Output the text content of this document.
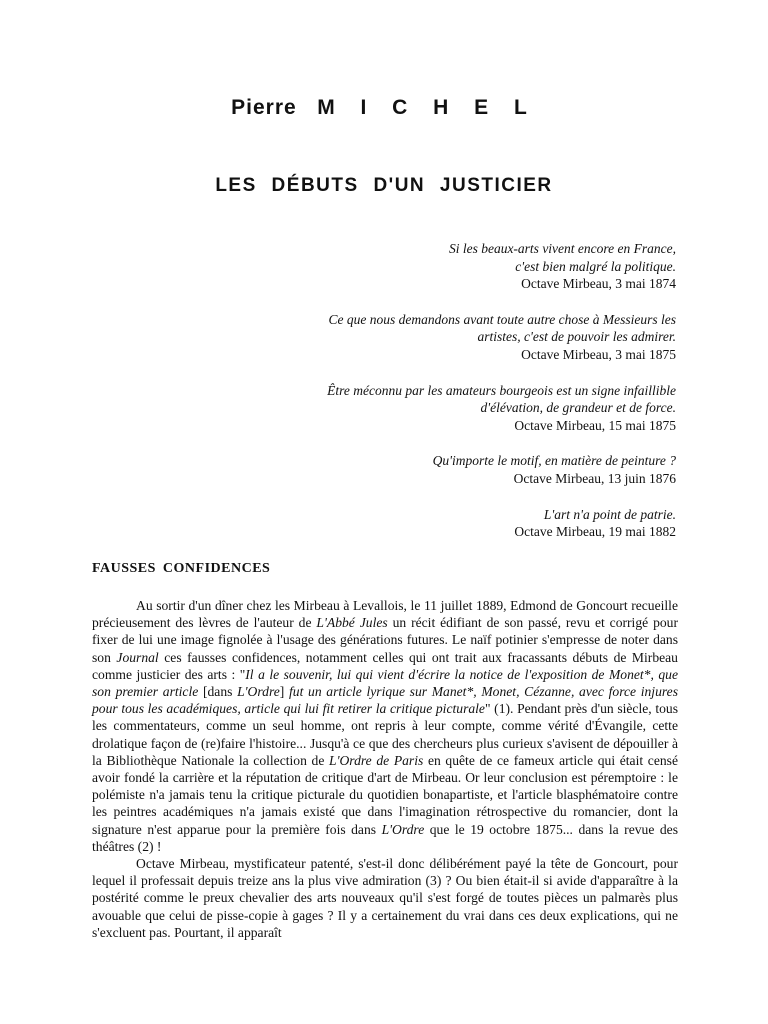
Pierre M I C H E L
LES DÉBUTS D'UN JUSTICIER
Si les beaux-arts vivent encore en France,
c'est bien malgré la politique.
Octave Mirbeau, 3 mai 1874
Ce que nous demandons avant toute autre chose à Messieurs les
artistes, c'est de pouvoir les admirer.
Octave Mirbeau, 3 mai 1875
Être méconnu par les amateurs bourgeois est un signe infaillible
d'élévation, de grandeur et de force.
Octave Mirbeau, 15 mai 1875
Qu'importe le motif, en matière de peinture ?
Octave Mirbeau, 13 juin 1876
L'art n'a point de patrie.
Octave Mirbeau, 19 mai 1882
FAUSSES CONFIDENCES

Au sortir d'un dîner chez les Mirbeau à Levallois, le 11 juillet 1889, Edmond de Goncourt recueille précieusement des lèvres de l'auteur de L'Abbé Jules un récit édifiant de son passé, revu et corrigé pour fixer de lui une image fignolée à l'usage des générations futures. Le naïf potinier s'empresse de noter dans son Journal ces fausses confidences, notamment celles qui ont trait aux fracassants débuts de Mirbeau comme justicier des arts : "Il a le souvenir, lui qui vient d'écrire la notice de l'exposition de Monet*, que son premier article [dans L'Ordre] fut un article lyrique sur Manet*, Monet, Cézanne, avec force injures pour tous les académiques, article qui lui fit retirer la critique picturale" (1). Pendant près d'un siècle, tous les commentateurs, comme un seul homme, ont repris à leur compte, comme vérité d'Évangile, cette drolatique façon de (re)faire l'histoire... Jusqu'à ce que des chercheurs plus curieux s'avisent de dépouiller à la Bibliothèque Nationale la collection de L'Ordre de Paris en quête de ce fameux article qui était censé avoir fondé la carrière et la réputation de critique d'art de Mirbeau. Or leur conclusion est péremptoire : le polémiste n'a jamais tenu la critique picturale du quotidien bonapartiste, et l'article blasphématoire contre les peintres académiques n'a jamais existé que dans l'imagination rétrospective du romancier, dont la signature n'est apparue pour la première fois dans L'Ordre que le 19 octobre 1875... dans la revue des théâtres (2) !

Octave Mirbeau, mystificateur patenté, s'est-il donc délibérément payé la tête de Goncourt, pour lequel il professait depuis treize ans la plus vive admiration (3) ? Ou bien était-il si avide d'apparaître à la postérité comme le preux chevalier des arts nouveaux qu'il s'est forgé de toutes pièces un palmarès plus avouable que celui de pisse-copie à gages ? Il y a certainement du vrai dans ces deux explications, qui ne s'excluent pas. Pourtant, il apparaît
